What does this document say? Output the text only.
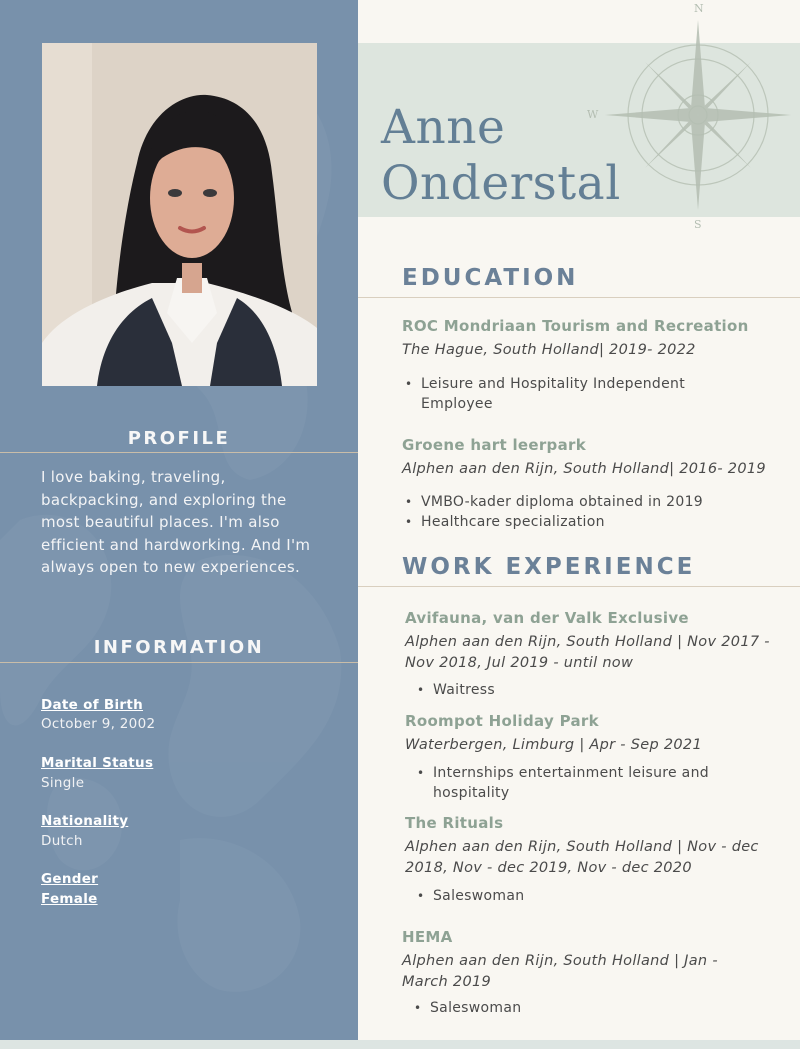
PROFILE
I love baking, traveling, backpacking, and exploring the most beautiful places. I'm also efficient and hardworking. And I'm always open to new experiences.
INFORMATION
Date of Birth
October 9, 2002
Marital Status
Single
Nationality
Dutch
Gender
Female
N
W
S
Anne
Onderstal
EDUCATION
ROC Mondriaan Tourism and Recreation
The Hague, South Holland| 2019- 2022
• Leisure and Hospitality Independent Employee
Groene hart leerpark
Alphen aan den Rijn, South Holland| 2016- 2019
• VMBO-kader diploma obtained in 2019
• Healthcare specialization
WORK EXPERIENCE
Avifauna, van der Valk Exclusive
Alphen aan den Rijn, South Holland | Nov 2017 - Nov 2018, Jul 2019 - until now
• Waitress
Roompot Holiday Park
Waterbergen, Limburg | Apr - Sep 2021
• Internships entertainment leisure and hospitality
The Rituals
Alphen aan den Rijn, South Holland | Nov - dec 2018, Nov - dec 2019, Nov - dec 2020
• Saleswoman
HEMA
Alphen aan den Rijn, South Holland | Jan - March 2019
• Saleswoman
